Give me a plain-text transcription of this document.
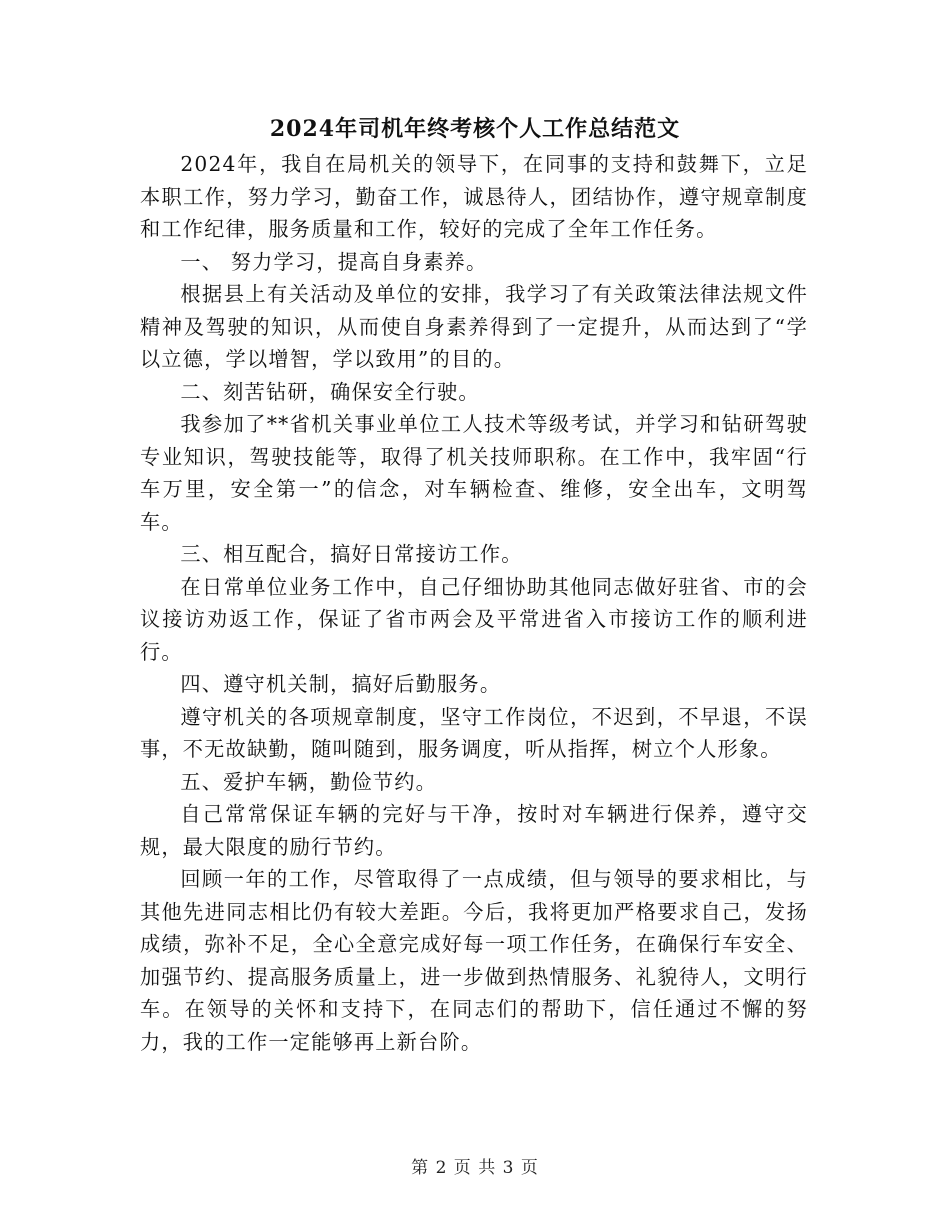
2024年司机年终考核个人工作总结范文

2024年，我自在局机关的领导下，在同事的支持和鼓舞下，立足本职工作，努力学习，勤奋工作，诚恳待人，团结协作，遵守规章制度和工作纪律，服务质量和工作，较好的完成了全年工作任务。

一、 努力学习，提高自身素养。

根据县上有关活动及单位的安排，我学习了有关政策法律法规文件精神及驾驶的知识，从而使自身素养得到了一定提升，从而达到了“学以立德，学以增智，学以致用”的目的。

二、刻苦钻研，确保安全行驶。

我参加了**省机关事业单位工人技术等级考试，并学习和钻研驾驶专业知识，驾驶技能等，取得了机关技师职称。在工作中，我牢固“行车万里，安全第一”的信念，对车辆检查、维修，安全出车，文明驾车。

三、相互配合，搞好日常接访工作。

在日常单位业务工作中，自己仔细协助其他同志做好驻省、市的会议接访劝返工作，保证了省市两会及平常进省入市接访工作的顺利进行。

四、遵守机关制，搞好后勤服务。

遵守机关的各项规章制度，坚守工作岗位，不迟到，不早退，不误事，不无故缺勤，随叫随到，服务调度，听从指挥，树立个人形象。

五、爱护车辆，勤俭节约。

自己常常保证车辆的完好与干净，按时对车辆进行保养，遵守交规，最大限度的励行节约。

回顾一年的工作，尽管取得了一点成绩，但与领导的要求相比，与其他先进同志相比仍有较大差距。今后，我将更加严格要求自己，发扬成绩，弥补不足，全心全意完成好每一项工作任务，在确保行车安全、加强节约、提高服务质量上，进一步做到热情服务、礼貌待人，文明行车。在领导的关怀和支持下，在同志们的帮助下，信任通过不懈的努力，我的工作一定能够再上新台阶。

第 2 页 共 3 页
